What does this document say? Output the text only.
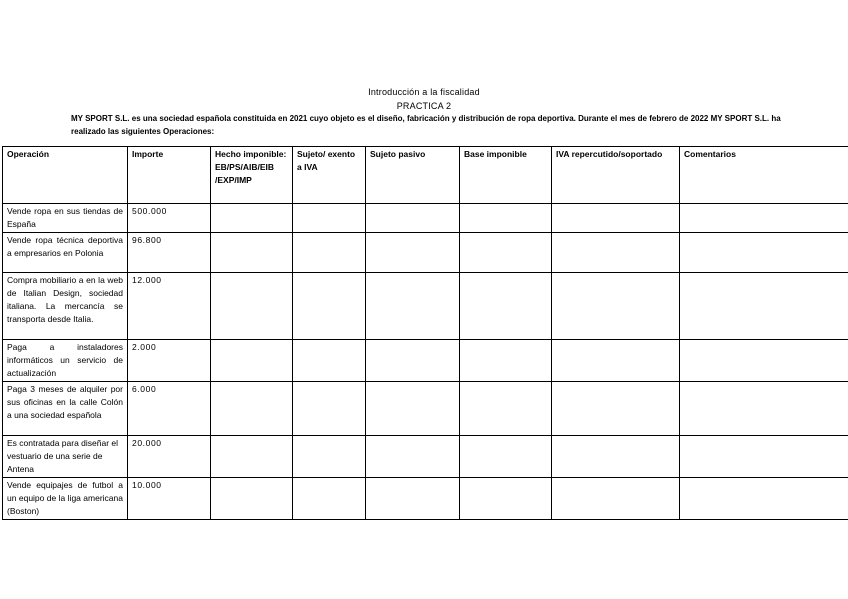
Introducción a la fiscalidad
PRACTICA 2
MY SPORT S.L. es una sociedad española constituida en 2021 cuyo objeto es el diseño, fabricación y distribución de ropa deportiva. Durante el mes de febrero de 2022 MY SPORT S.L. ha realizado las siguientes Operaciones:
Operación	Importe	Hecho imponible: EB/PS/AIB/EIB /EXP/IMP	Sujeto/ exento a IVA	Sujeto pasivo	Base imponible	IVA repercutido/soportado	Comentarios
Vende ropa en sus tiendas de España	500.000						
Vende ropa técnica deportiva a empresarios en Polonia	96.800						
Compra mobiliario a en la web de Italian Design, sociedad italiana. La mercancía se transporta desde Italia.	12.000						
Paga a instaladores informáticos un servicio de actualización	2.000						
Paga 3 meses de alquiler por sus oficinas en la calle Colón a una sociedad española	6.000						
Es contratada para diseñar el vestuario de una serie de Antena	20.000						
Vende equipajes de futbol a un equipo de la liga americana (Boston)	10.000						
